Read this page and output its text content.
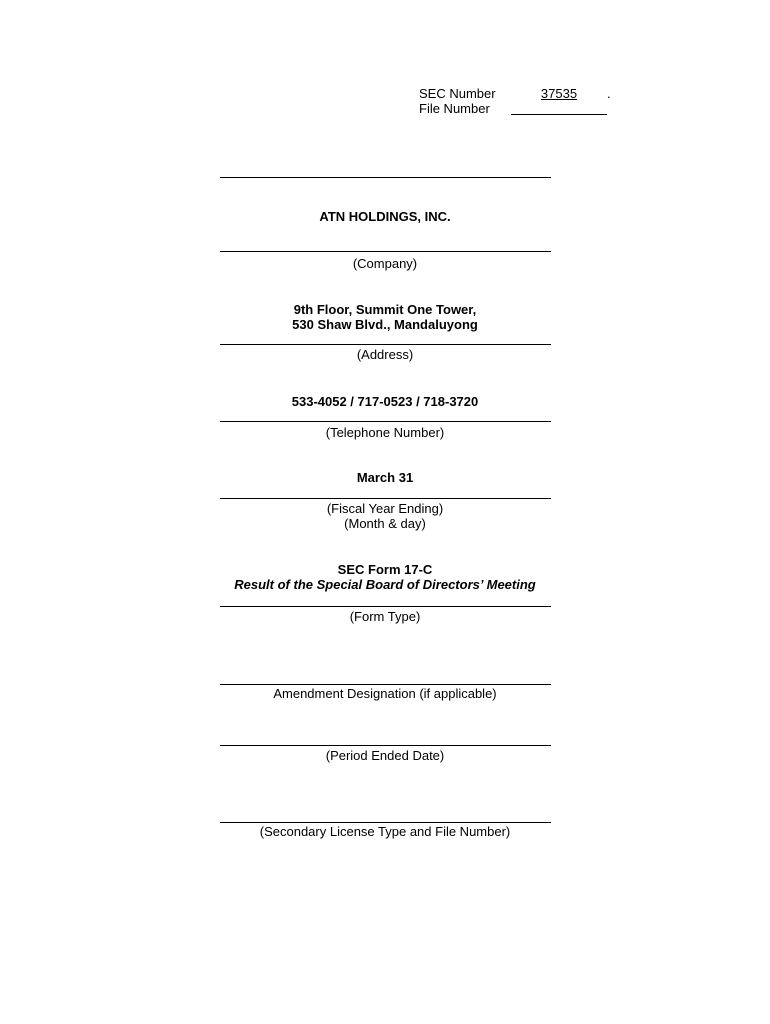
SEC Number	37535	.
File Number
ATN HOLDINGS, INC.
(Company)
9th Floor, Summit One Tower,
530 Shaw Blvd., Mandaluyong
(Address)
533-4052 / 717-0523 / 718-3720
(Telephone Number)
March 31
(Fiscal Year Ending)
(Month & day)
SEC Form 17-C
Result of the Special Board of Directors’ Meeting
(Form Type)
Amendment Designation (if applicable)
(Period Ended Date)
(Secondary License Type and File Number)
